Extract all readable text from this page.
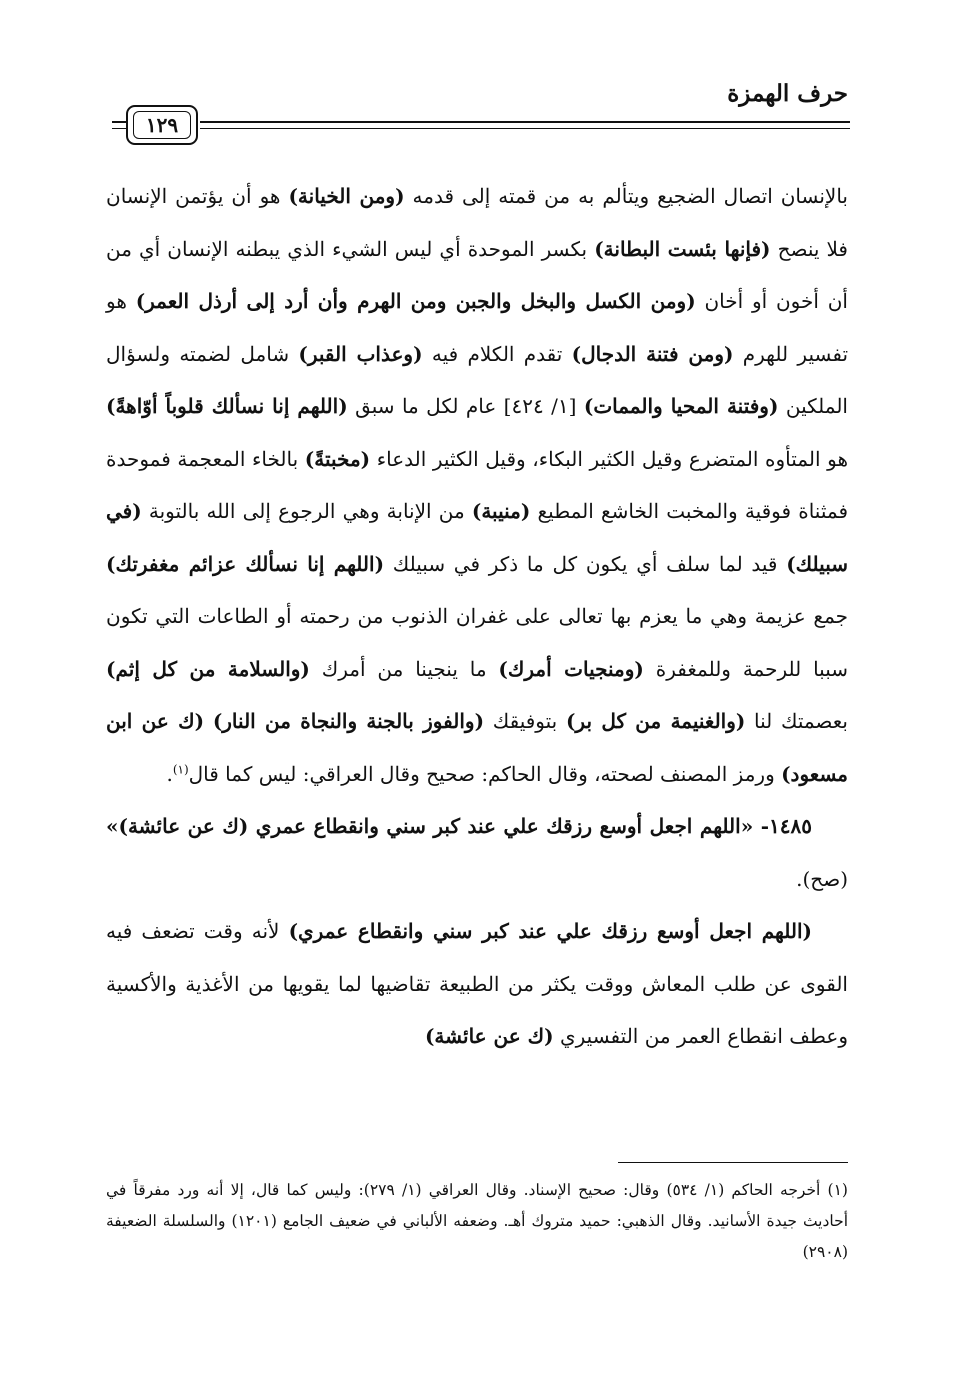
حرف الهمزة
١٢٩

بالإنسان اتصال الضجيع ويتألم به من قمته إلى قدمه (ومن الخيانة) هو أن يؤتمن الإنسان فلا ينصح (فإنها بئست البطانة) بكسر الموحدة أي ليس الشيء الذي يبطنه الإنسان أي من أن أخون أو أخان (ومن الكسل والبخل والجبن ومن الهرم وأن أرد إلى أرذل العمر) هو تفسير للهرم (ومن فتنة الدجال) تقدم الكلام فيه (وعذاب القبر) شامل لضمته ولسؤال الملكين (وفتنة المحيا والممات) [١/ ٤٢٤] عام لكل ما سبق (اللهم إنا نسألك قلوباً أوّاهةً) هو المتأوه المتضرع وقيل الكثير البكاء، وقيل الكثير الدعاء (مخبتةً) بالخاء المعجمة فموحدة فمثناة فوقية والمخبت الخاشع المطيع (منيبة) من الإنابة وهي الرجوع إلى الله بالتوبة (في سبيلك) قيد لما سلف أي يكون كل ما ذكر في سبيلك (اللهم إنا نسألك عزائم مغفرتك) جمع عزيمة وهي ما يعزم بها تعالى على غفران الذنوب من رحمته أو الطاعات التي تكون سببا للرحمة وللمغفرة (ومنجيات أمرك) ما ينجينا من أمرك (والسلامة من كل إثم) بعصمتك لنا (والغنيمة من كل بر) بتوفيقك (والفوز بالجنة والنجاة من النار) (ك عن ابن مسعود) ورمز المصنف لصحته، وقال الحاكم: صحيح وقال العراقي: ليس كما قال$^{(١)}$.

١٤٨٥- «اللهم اجعل أوسع رزقك علي عند كبر سني وانقطاع عمري (ك عن عائشة)» (صح).

(اللهم اجعل أوسع رزقك علي عند كبر سني وانقطاع عمري) لأنه وقت تضعف فيه القوى عن طلب المعاش ووقت يكثر من الطبيعة تقاضيها لما يقويها من الأغذية والأكسية وعطف انقطاع العمر من التفسيري (ك عن عائشة)

(١) أخرجه الحاكم (١/ ٥٣٤) وقال: صحيح الإسناد. وقال العراقي (١/ ٢٧٩): وليس كما قال، إلا أنه ورد مفرقاً في أحاديث جيدة الأسانيد. وقال الذهبي: حميد متروك أهـ. وضعفه الألباني في ضعيف الجامع (١٢٠١) والسلسلة الضعيفة (٢٩٠٨)
